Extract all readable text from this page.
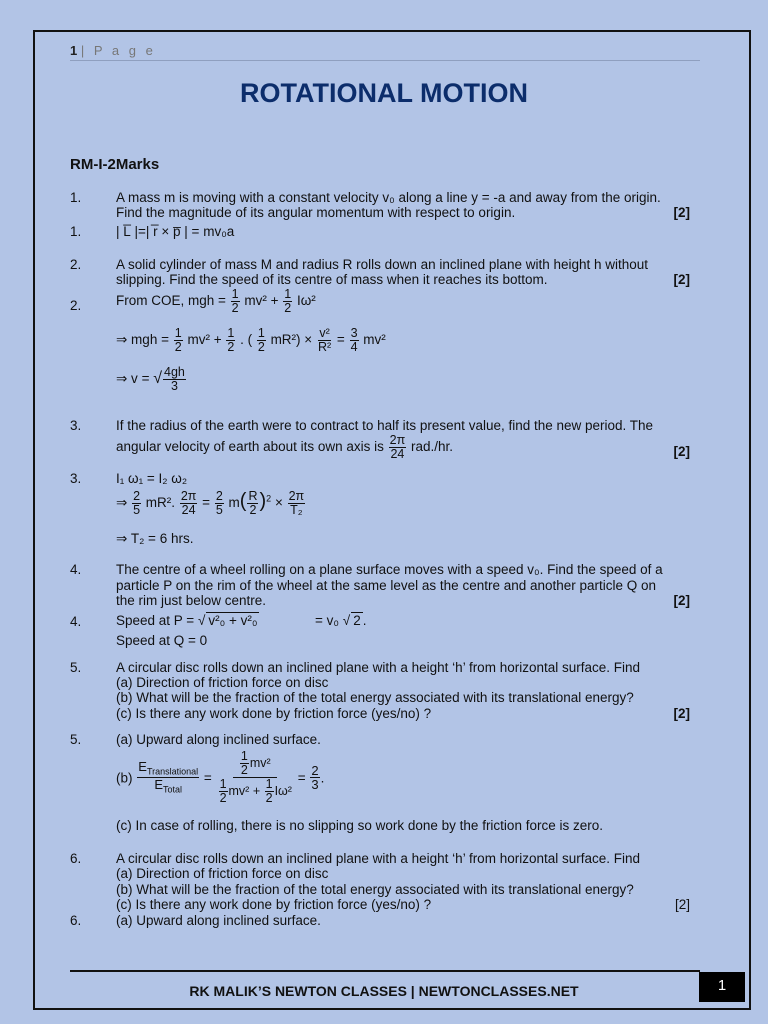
1 | P a g e
ROTATIONAL MOTION
RM-I-2Marks
1.	A mass m is moving with a constant velocity v₀ along a line y = -a and away from the origin.
Find the magnitude of its angular momentum with respect to origin.	[2]
1.	| L̅ |=| r̅ × p̅ | = mv₀a
2.	A solid cylinder of mass M and radius R rolls down an inclined plane with height h without
slipping. Find the speed of its centre of mass when it reaches its bottom.	[2]
2.	From COE, mgh = $\frac{1}{2} mv^2 + \frac{1}{2} I\omega^2$
⇒ mgh = $\frac{1}{2} mv^2 + \frac{1}{2}$ . ( $\frac{1}{2} mR^2) \times \frac{\text{v²}}{\text{R²}} = \frac{3}{4} mv^2$
⇒ v = √ $\frac{4gh}{3}$
3.	If the radius of the earth were to contract to half its present value, find the new period. The
angular velocity of earth about its own axis is $\frac{2\pi}{24} rad./hr$.	[2]
3.	I₁ ω₁ = I₂ ω₂
⇒ $\frac{2}{5} mR^2$. $\frac{2\pi}{24} = \frac{2}{5} m( \frac{R}{2} )^2 \times \frac{2\pi}{\text{T₂}}$
⇒ T₂ = 6 hrs.
4.	The centre of a wheel rolling on a plane surface moves with a speed v₀. Find the speed of a
particle P on the rim of the wheel at the same level as the centre and another particle Q on
the rim just below centre.	[2]
4.	Speed at P = √ v²₀ + v²₀	= v₀ √ 2 .
Speed at Q = 0
5.	A circular disc rolls down an inclined plane with a height ‘h’ from horizontal surface. Find
(a) Direction of friction force on disc
(b) What will be the fraction of the total energy associated with its translational energy?
(c) Is there any work done by friction force (yes/no) ?	[2]
5.	(a) Upward along inclined surface.
$(b) \frac{E_{Translational}}{E_{Total}} = \frac{\frac{1}{2} mv^2}{\frac{1}{2} mv^2 + \frac{1}{2} I\omega^2} = \frac{2}{3}$ .
(c) In case of rolling, there is no slipping so work done by the friction force is zero.
6.	A circular disc rolls down an inclined plane with a height ‘h’ from horizontal surface. Find
(a) Direction of friction force on disc
(b) What will be the fraction of the total energy associated with its translational energy?
(c) Is there any work done by friction force (yes/no) ?	[2]
6.	(a) Upward along inclined surface.
RK MALIK’S NEWTON CLASSES | NEWTONCLASSES.NET	1
